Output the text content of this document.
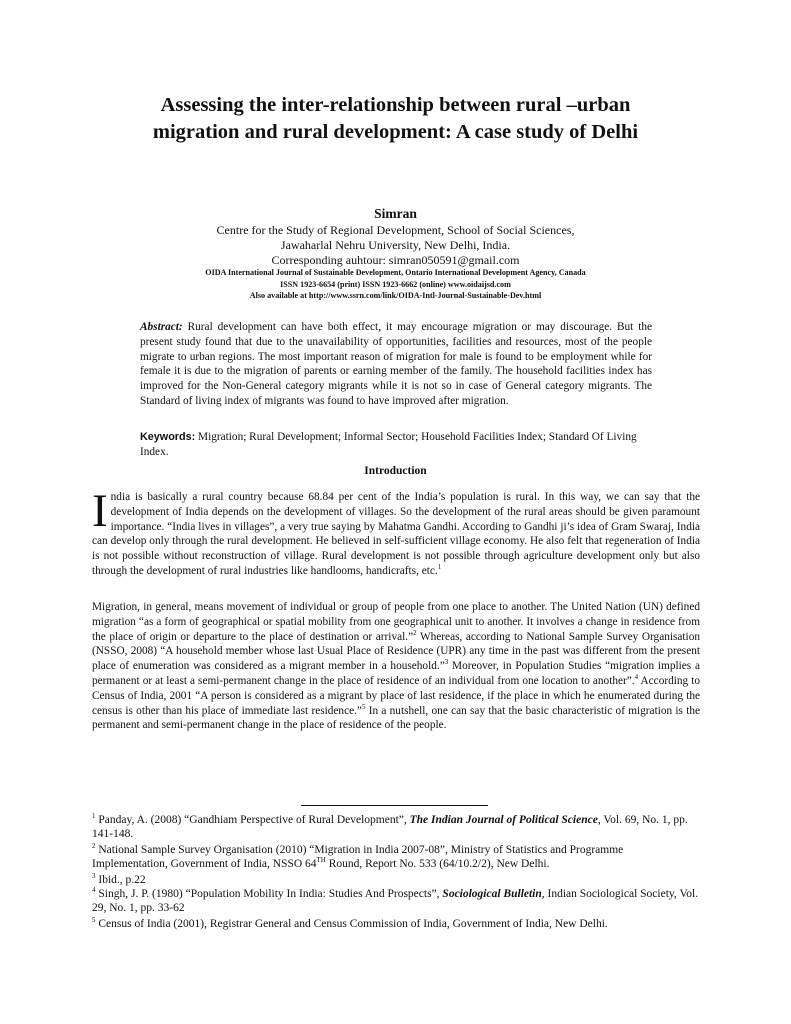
Assessing the inter-relationship between rural –urban
migration and rural development: A case study of Delhi
Simran
Centre for the Study of Regional Development, School of Social Sciences,
Jawaharlal Nehru University, New Delhi, India.
Corresponding auhtour: simran050591@gmail.com
OIDA International Journal of Sustainable Development, Ontario International Development Agency, Canada
ISSN 1923-6654 (print) ISSN 1923-6662 (online) www.oidaijsd.com
Also available at http://www.ssrn.com/link/OIDA-Intl-Journal-Sustainable-Dev.html
Abstract: Rural development can have both effect, it may encourage migration or may discourage. But the present study found that due to the unavailability of opportunities, facilities and resources, most of the people migrate to urban regions. The most important reason of migration for male is found to be employment while for female it is due to the migration of parents or earning member of the family. The household facilities index has improved for the Non-General category migrants while it is not so in case of General category migrants. The Standard of living index of migrants was found to have improved after migration.
Keywords: Migration; Rural Development; Informal Sector; Household Facilities Index; Standard Of Living Index.
Introduction
India is basically a rural country because 68.84 per cent of the India’s population is rural. In this way, we can say that the development of India depends on the development of villages. So the development of the rural areas should be given paramount importance. “India lives in villages”, a very true saying by Mahatma Gandhi. According to Gandhi ji’s idea of Gram Swaraj, India can develop only through the rural development. He believed in self-sufficient village economy. He also felt that regeneration of India is not possible without reconstruction of village. Rural development is not possible through agriculture development only but also through the development of rural industries like handlooms, handicrafts, etc.$^1$
Migration, in general, means movement of individual or group of people from one place to another. The United Nation (UN) defined migration “as a form of geographical or spatial mobility from one geographical unit to another. It involves a change in residence from the place of origin or departure to the place of destination or arrival.”$^2$ Whereas, according to National Sample Survey Organisation (NSSO, 2008) “A household member whose last Usual Place of Residence (UPR) any time in the past was different from the present place of enumeration was considered as a migrant member in a household.”$^3$ Moreover, in Population Studies “migration implies a permanent or at least a semi-permanent change in the place of residence of an individual from one location to another”.$^4$ According to Census of India, 2001 “A person is considered as a migrant by place of last residence, if the place in which he enumerated during the census is other than his place of immediate last residence.”$^5$ In a nutshell, one can say that the basic characteristic of migration is the permanent and semi-permanent change in the place of residence of the people.
$^1$ Panday, A. (2008) “Gandhiam Perspective of Rural Development”, The Indian Journal of Political Science, Vol. 69, No. 1, pp. 141-148.
$^2$ National Sample Survey Organisation (2010) “Migration in India 2007-08”, Ministry of Statistics and Programme Implementation, Government of India, NSSO 64TH Round, Report No. 533 (64/10.2/2), New Delhi.
$^3$ Ibid., p.22
$^4$ Singh, J. P. (1980) “Population Mobility In India: Studies And Prospects”, Sociological Bulletin, Indian Sociological Society, Vol. 29, No. 1, pp. 33-62
$^5$ Census of India (2001), Registrar General and Census Commission of India, Government of India, New Delhi.
